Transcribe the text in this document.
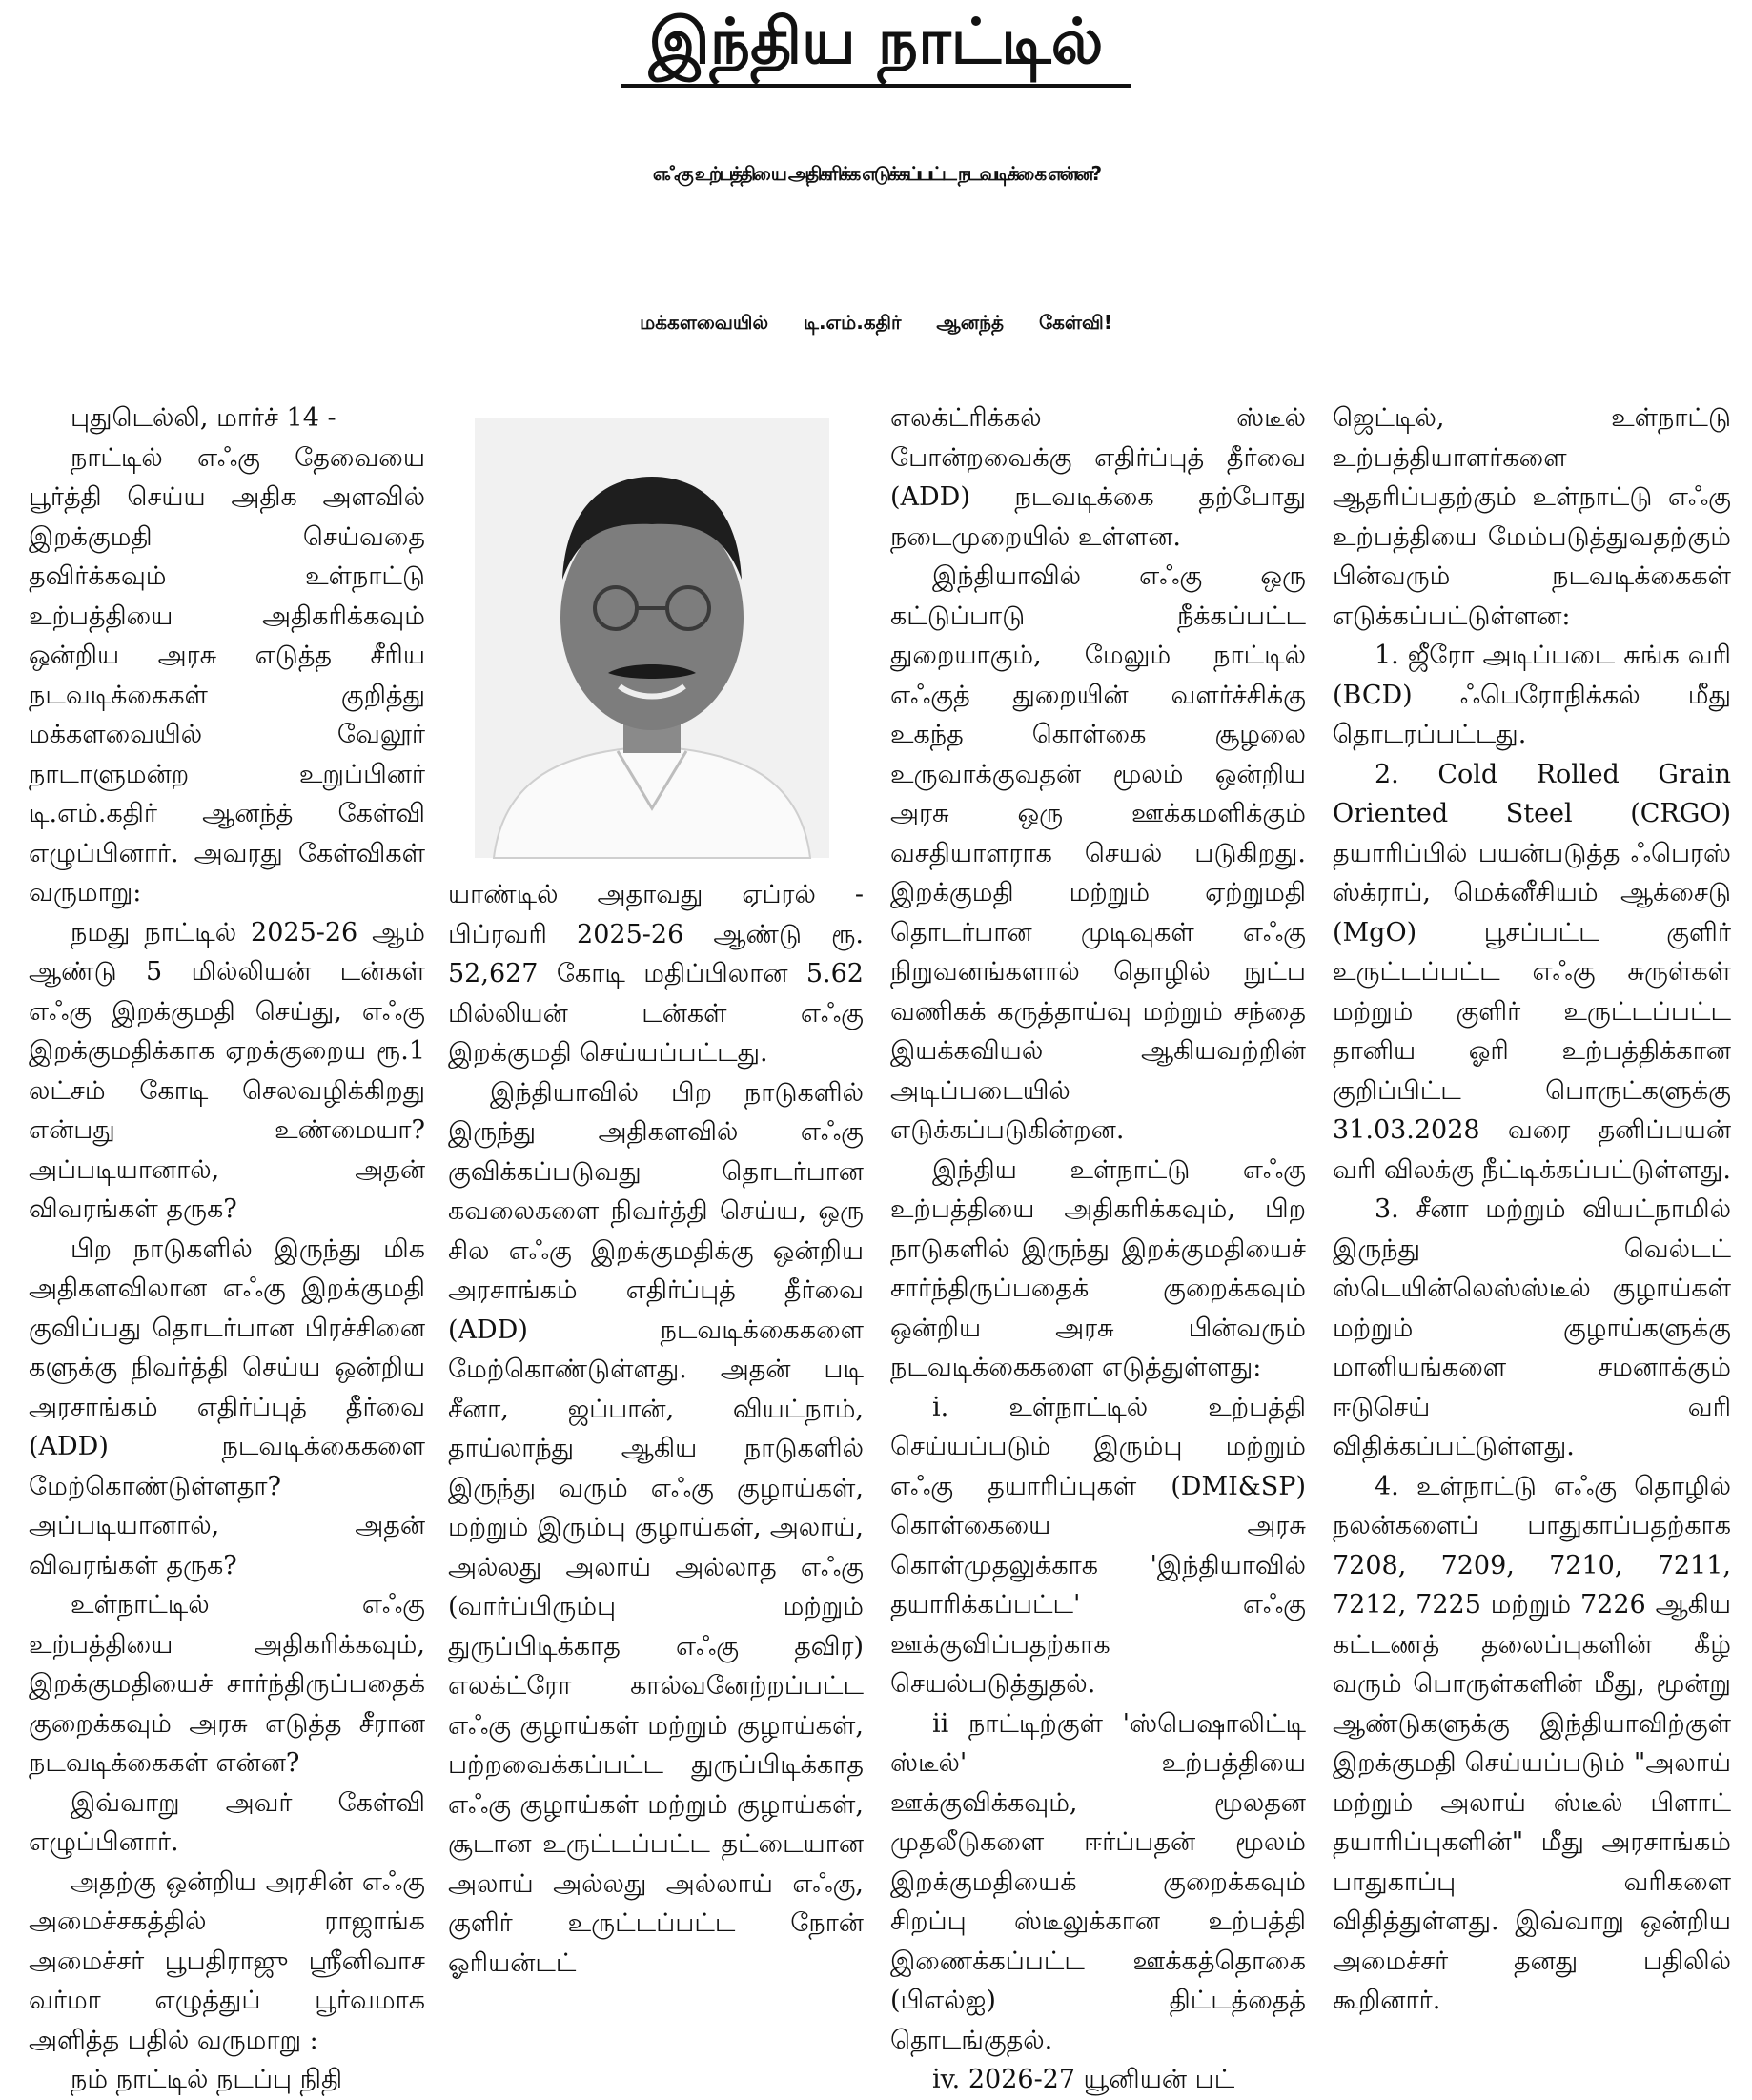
இந்திய நாட்டில்
எஃகு உற்பத்தியை அதிகரிக்க எடுக்கப்பட்ட நடவடிக்கை என்ன?
மக்களவையில் டி.எம்.கதிர் ஆனந்த் கேள்வி!

புதுடெல்லி, மார்ச் 14 -

நாட்டில் எஃகு தேவையை பூர்த்தி செய்ய அதிக அளவில் இறக்குமதி செய்வதை தவிர்க்கவும் உள்நாட்டு உற்பத்தியை அதிகரிக்கவும் ஒன்றிய அரசு எடுத்த சீரிய நடவடிக்கைகள் குறித்து மக்களவையில் வேலூர் நாடாளுமன்ற உறுப்பினர் டி.எம்.கதிர் ஆனந்த் கேள்வி எழுப்பினார். அவரது கேள்விகள் வருமாறு:

நமது நாட்டில் 2025-26 ஆம் ஆண்டு 5 மில்லியன் டன்கள் எஃகு இறக்குமதி செய்து, எஃகு இறக்குமதிக்காக ஏறக்குறைய ரூ.1 லட்சம் கோடி செலவழிக்கிறது என்பது உண்மையா? அப்படியானால், அதன் விவரங்கள் தருக?

பிற நாடுகளில் இருந்து மிக அதிகளவிலான எஃகு இறக்குமதி குவிப்பது தொடர்பான பிரச்சினை களுக்கு நிவர்த்தி செய்ய ஒன்றிய அரசாங்கம் எதிர்ப்புத் தீர்வை (ADD) நடவடிக்கைகளை மேற்கொண்டுள்ளதா? அப்படியானால், அதன் விவரங்கள் தருக?

உள்நாட்டில் எஃகு உற்பத்தியை அதிகரிக்கவும், இறக்குமதியைச் சார்ந்திருப்பதைக் குறைக்கவும் அரசு எடுத்த சீரான நடவடிக்கைகள் என்ன?

இவ்வாறு அவர் கேள்வி எழுப்பினார்.

அதற்கு ஒன்றிய அரசின் எஃகு அமைச்சகத்தில் ராஜாங்க அமைச்சர் பூபதிராஜு ஸ்ரீனிவாச வர்மா எழுத்துப் பூர்வமாக அளித்த பதில் வருமாறு :

நம் நாட்டில் நடப்பு நிதி

யாண்டில் அதாவது ஏப்ரல் - பிப்ரவரி 2025-26 ஆண்டு ரூ. 52,627 கோடி மதிப்பிலான 5.62 மில்லியன் டன்கள் எஃகு இறக்குமதி செய்யப்பட்டது.

இந்தியாவில் பிற நாடுகளில் இருந்து அதிகளவில் எஃகு குவிக்கப்படுவது தொடர்பான கவலைகளை நிவர்த்தி செய்ய, ஒரு சில எஃகு இறக்குமதிக்கு ஒன்றிய அரசாங்கம் எதிர்ப்புத் தீர்வை (ADD) நடவடிக்கைகளை மேற்கொண்டுள்ளது. அதன் படி சீனா, ஜப்பான், வியட்நாம், தாய்லாந்து ஆகிய நாடுகளில் இருந்து வரும் எஃகு குழாய்கள், மற்றும் இரும்பு குழாய்கள், அலாய், அல்லது அலாய் அல்லாத எஃகு (வார்ப்பிரும்பு மற்றும் துருப்பிடிக்காத எஃகு தவிர) எலக்ட்ரோ கால்வனேற்றப்பட்ட எஃகு குழாய்கள் மற்றும் குழாய்கள், பற்றவைக்கப்பட்ட துருப்பிடிக்காத எஃகு குழாய்கள் மற்றும் குழாய்கள், சூடான உருட்டப்பட்ட தட்டையான அலாய் அல்லது அல்லாய் எஃகு, குளிர் உருட்டப்பட்ட நோன் ஓரியன்டட்

எலக்ட்ரிக்கல் ஸ்டீல் போன்றவைக்கு எதிர்ப்புத் தீர்வை (ADD) நடவடிக்கை தற்போது நடைமுறையில் உள்ளன.

இந்தியாவில் எஃகு ஒரு கட்டுப்பாடு நீக்கப்பட்ட துறையாகும், மேலும் நாட்டில் எஃகுத் துறையின் வளர்ச்சிக்கு உகந்த கொள்கை சூழலை உருவாக்குவதன் மூலம் ஒன்றிய அரசு ஒரு ஊக்கமளிக்கும் வசதியாளராக செயல் படுகிறது. இறக்குமதி மற்றும் ஏற்றுமதி தொடர்பான முடிவுகள் எஃகு நிறுவனங்களால் தொழில் நுட்ப வணிகக் கருத்தாய்வு மற்றும் சந்தை இயக்கவியல் ஆகியவற்றின் அடிப்படையில் எடுக்கப்படுகின்றன.

இந்திய உள்நாட்டு எஃகு உற்பத்தியை அதிகரிக்கவும், பிற நாடுகளில் இருந்து இறக்குமதியைச் சார்ந்திருப்பதைக் குறைக்கவும் ஒன்றிய அரசு பின்வரும் நடவடிக்கைகளை எடுத்துள்ளது:

i. உள்நாட்டில் உற்பத்தி செய்யப்படும் இரும்பு மற்றும் எஃகு தயாரிப்புகள் (DMI&SP) கொள்கையை அரசு கொள்முதலுக்காக 'இந்தியாவில் தயாரிக்கப்பட்ட' எஃகு ஊக்குவிப்பதற்காக செயல்படுத்துதல்.

ii நாட்டிற்குள் 'ஸ்பெஷாலிட்டி ஸ்டீல்' உற்பத்தியை ஊக்குவிக்கவும், மூலதன முதலீடுகளை ஈர்ப்பதன் மூலம் இறக்குமதியைக் குறைக்கவும் சிறப்பு ஸ்டீலுக்கான உற்பத்தி இணைக்கப்பட்ட ஊக்கத்தொகை (பிஎல்ஐ) திட்டத்தைத் தொடங்குதல்.

iv. 2026-27 யூனியன் பட்

ஜெட்டில், உள்நாட்டு உற்பத்தியாளர்களை ஆதரிப்பதற்கும் உள்நாட்டு எஃகு உற்பத்தியை மேம்படுத்துவதற்கும் பின்வரும் நடவடிக்கைகள் எடுக்கப்பட்டுள்ளன:

1. ஜீரோ அடிப்படை சுங்க வரி (BCD) ஃபெரோநிக்கல் மீது தொடரப்பட்டது.

2. Cold Rolled Grain Oriented Steel (CRGO) தயாரிப்பில் பயன்படுத்த ஃபெரஸ் ஸ்க்ராப், மெக்னீசியம் ஆக்சைடு (MgO) பூசப்பட்ட குளிர் உருட்டப்பட்ட எஃகு சுருள்கள் மற்றும் குளிர் உருட்டப்பட்ட தானிய ஓரி உற்பத்திக்கான குறிப்பிட்ட பொருட்களுக்கு 31.03.2028 வரை தனிப்பயன் வரி விலக்கு நீட்டிக்கப்பட்டுள்ளது.

3. சீனா மற்றும் வியட்நாமில் இருந்து வெல்டட் ஸ்டெயின்லெஸ்ஸ்டீல் குழாய்கள் மற்றும் குழாய்களுக்கு மானியங்களை சமனாக்கும் ஈடுசெய் வரி விதிக்கப்பட்டுள்ளது.

4. உள்நாட்டு எஃகு தொழில் நலன்களைப் பாதுகாப்பதற்காக 7208, 7209, 7210, 7211, 7212, 7225 மற்றும் 7226 ஆகிய கட்டணத் தலைப்புகளின் கீழ் வரும் பொருள்களின் மீது, மூன்று ஆண்டுகளுக்கு இந்தியாவிற்குள் இறக்குமதி செய்யப்படும் "அலாய் மற்றும் அலாய் ஸ்டீல் பிளாட் தயாரிப்புகளின்" மீது அரசாங்கம் பாதுகாப்பு வரிகளை விதித்துள்ளது. இவ்வாறு ஒன்றிய அமைச்சர் தனது பதிலில் கூறினார்.
